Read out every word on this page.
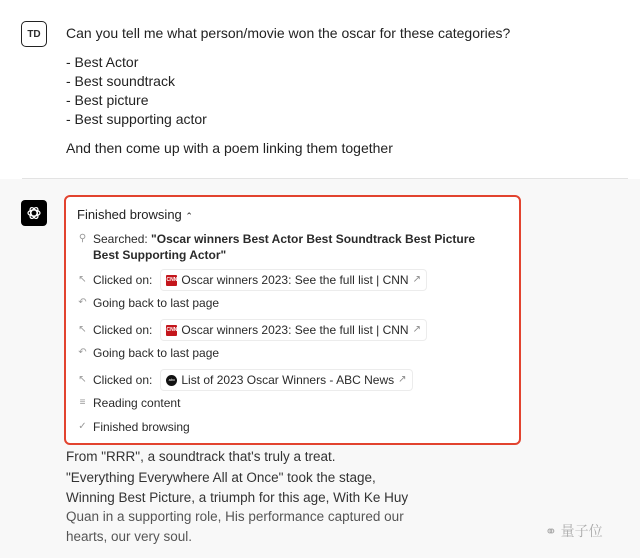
TD	Can you tell me what person/movie won the oscar for these categories?

- Best Actor
- Best soundtrack
- Best picture
- Best supporting actor

And then come up with a poem linking them together

From "RRR", a soundtrack that's truly a treat.
"Everything Everywhere All at Once" took the stage,
Winning Best Picture, a triumph for this age, With Ke Huy
Quan in a supporting role, His performance captured our
hearts, our very soul.
Finished browsing ⌃
⚲ Searched: "Oscar winners Best Actor Best Soundtrack Best Picture Best Supporting Actor"
↖ Clicked on:	CNN Oscar winners 2023: See the full list | CNN ↗
↶ Going back to last page
↖ Clicked on:	CNN Oscar winners 2023: See the full list | CNN ↗
↶ Going back to last page
↖ Clicked on:	abc List of 2023 Oscar Winners - ABC News ↗
≡ Reading content
✓ Finished browsing
⚭ 量子位
